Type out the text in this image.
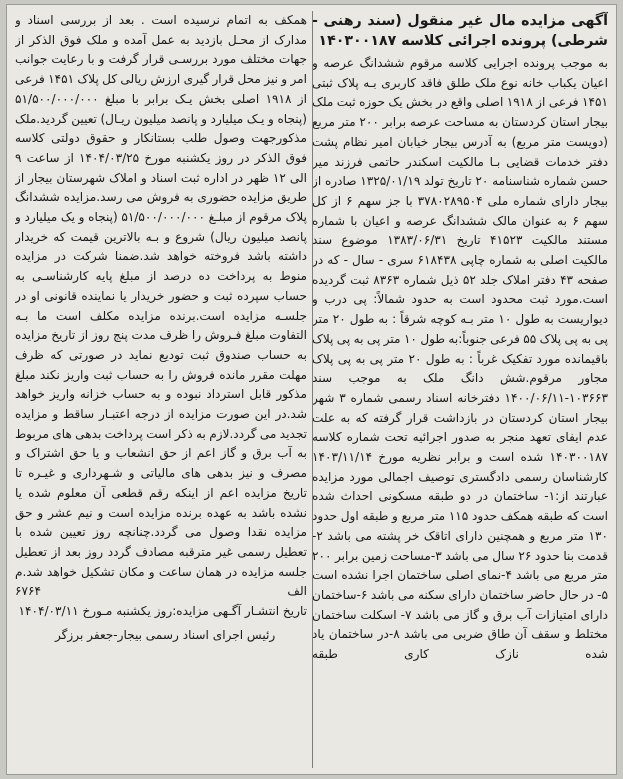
آگهی مزایده مال غیر منقول (سند رهنی - شرطی) پرونده اجرائی کلاسه ۱۴۰۳۰۰۱۸۷

به موجب پرونده اجرایی کلاسه مرقوم ششدانگ عرصه و اعیان یکباب خانه نوع ملک طلق فاقد کاربری بـه پلاک ثبتی ۱۴۵۱ فرعی از ۱۹۱۸ اصلی واقع در بخش یک حوزه ثبت ملک بیجار استان کردستان به مساحت عرصه برابر ۲۰۰ متر مربع (دویست متر مربع) به آدرس بیجار خیابان امیر نظام پشت دفتر خدمات قضایی بـا مالکیت اسکندر حاتمی فرزند میر حسن شماره شناسنامه ۲۰ تاریخ تولد ۱۳۲۵/۰۱/۱۹ صادره از بیجار دارای شماره ملی ۳۷۸۰۲۸۹۵۰۴ با جز سهم ۶ از کل سهم ۶ به عنوان مالک ششدانگ عرصه و اعیان با شماره مستند مالکیت ۴۱۵۲۳ تاریخ ۱۳۸۳/۰۶/۳۱ موضوع سند مالکیت اصلی به شماره چاپی ۶۱۸۴۳۸ سری - سال - که در صفحه ۴۳ دفتر املاک جلد ۵۲ ذیل شماره ۸۳۶۳ ثبت گردیده است.مورد ثبت محدود است به حدود شمالاً: پی درب و دیواریست به طول ۱۰ متر بـه کوچه شرقاً : به طول ۲۰ متر پی به پی پلاک ۵۵ فرعی جنوباً:به طول ۱۰ متر پی به پی پلاک باقیمانده مورد تفکیک غرباً : به طول ۲۰ متر پی به پی پلاک مجاور مرقوم.شش دانگ ملک به موجب سند ۱۰۳۶۶۳-۱۴۰۰/۰۶/۱۱ دفترخانه اسناد رسمی شماره ۳ شهر بیجار استان کردستان در بازداشت قرار گرفته که به علت عدم ایفای تعهد منجر به صدور اجرائیه تحت شماره کلاسه ۱۴۰۳۰۰۱۸۷ شده است و برابر نظریه مورخ ۱۴۰۳/۱۱/۱۴ کارشناسان رسمی دادگستری توصیف اجمالی مورد مزایده عبارتند از:۱- ساختمان در دو طبقه مسکونی احداث شده است که طبقه همکف حدود ۱۱۵ متر مربع و طبقه اول حدود ۱۳۰ متر مربع و همچنین دارای اتاقک خر پشته می باشد ۲-قدمت بنا حدود ۲۶ سال می باشد ۳-مساحت زمین برابر ۲۰۰ متر مربع می باشد ۴-نمای اصلی ساختمان اجرا نشده است ۵- در حال حاضر ساختمان دارای سکنه می باشد ۶-ساختمان دارای امتیازات آب برق و گاز می باشد ۷- اسکلت ساختمان مختلط و سقف آن طاق ضربی می باشد ۸-در ساختمان یاد شده نازک کاری طبقه

همکف به اتمام نرسیده است . بعد از بررسی اسناد و مدارک از محـل بازدید به عمل آمده و ملک فوق الذکر از جهات مختلف مورد بررسـی قرار گرفت و با رعایت جوانب امر و نیز محل قرار گیری ارزش ریالی کل پلاک ۱۴۵۱ فرعی از ۱۹۱۸ اصلی بخش یـک برابر با مبلغ ۵۱/۵۰۰/۰۰۰/۰۰۰ (پنجاه و یـک میلیارد و پانصد میلیون ریـال) تعیین گردید.ملک مذکورجهت وصول طلب بستانکار و حقوق دولتی کلاسه فوق الذکر در روز یکشنبه مورخ ۱۴۰۴/۰۳/۲۵ از ساعت ۹ الی ۱۲ ظهر در اداره ثبت اسناد و املاک شهرستان بیجار از طریق مزایده حضوری به فروش می رسد.مزایده ششدانگ پلاک مرقوم از مبلـغ ۵۱/۵۰۰/۰۰۰/۰۰۰ (پنجاه و یک میلیارد و پانصد میلیون ریال) شروع و بـه بالاترین قیمت که خریدار داشته باشد فروخته خواهد شد.ضمنا شرکت در مزایده منوط به پرداخت ده درصد از مبلغ پایه کارشناسـی به حساب سپرده ثبت و حضور خریدار یا نماینده قانونی او در جلسـه مزایده است.برنده مزایده مکلف است ما بـه التفاوت مبلغ فـروش را ظرف مدت پنج روز از تاریخ مزایده به حساب صندوق ثبت تودیع نماید در صورتی که ظرف مهلت مقرر مانده فروش را به حساب ثبت واریز نکند مبلغ مذکور قابل استرداد نبوده و به حساب خزانه واریز خواهد شد.در این صورت مزایده از درجه اعتبـار ساقط و مزایده تجدید می گردد.لازم به ذکر است پرداخت بدهی های مربوط به آب برق و گاز اعم از حق انشعاب و یا حق اشتراک و مصرف و نیز بدهی های مالیاتی و شـهرداری و غیـره تا تاریخ مزایده اعم از اینکه رقم قطعی آن معلوم شده یا نشده باشد به عهده برنده مزایده است و نیم عشر و حق مزایده نقدا وصول می گردد.چنانچه روز تعیین شده با تعطیل رسمی غیر مترقبه مصادف گردد روز بعد از تعطیل جلسه مزایده در همان ساعت و مکان تشکیل خواهد شد.م الف ۶۷۶۴

تاریخ انتشـار آگـهی مزایده:روز یکشنبه مـورخ ۱۴۰۴/۰۳/۱۱

رئیس اجرای اسناد رسمی بیجار-جعفر برزگر
